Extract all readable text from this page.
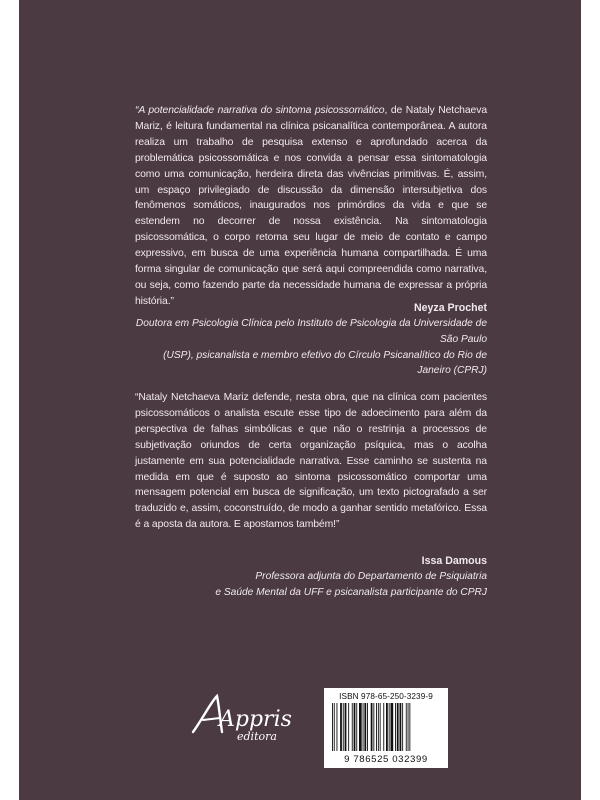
“A potencialidade narrativa do sintoma psicossomático, de Nataly Netchaeva Mariz, é leitura fundamental na clínica psicanalítica contemporânea. A autora realiza um trabalho de pesquisa extenso e aprofundado acerca da problemática psicossomática e nos convida a pensar essa sintomatologia como uma comunicação, herdeira direta das vivências primitivas. É, assim, um espaço privilegiado de discussão da dimensão intersubjetiva dos fenômenos somáticos, inaugurados nos primórdios da vida e que se estendem no decorrer de nossa existência. Na sintomatologia psicossomática, o corpo retoma seu lugar de meio de contato e campo expressivo, em busca de uma experiência humana compartilhada. É uma forma singular de comunicação que será aqui compreendida como narrativa, ou seja, como fazendo parte da necessidade humana de expressar a própria história.”

Neyza Prochet

Doutora em Psicologia Clínica pelo Instituto de Psicologia da Universidade de São Paulo
(USP), psicanalista e membro efetivo do Círculo Psicanalítico do Rio de Janeiro (CPRJ)

“Nataly Netchaeva Mariz defende, nesta obra, que na clínica com pacientes psicossomáticos o analista escute esse tipo de adoecimento para além da perspectiva de falhas simbólicas e que não o restrinja a processos de subjetivação oriundos de certa organização psíquica, mas o acolha justamente em sua potencialidade narrativa. Esse caminho se sustenta na medida em que é suposto ao sintoma psicossomático comportar uma mensagem potencial em busca de significação, um texto pictografado a ser traduzido e, assim, coconstruído, de modo a ganhar sentido metafórico. Essa é a aposta da autora. E apostamos também!”

Issa Damous

Professora adjunta do Departamento de Psiquiatria
e Saúde Mental da UFF e psicanalista participante do CPRJ
Appris
editora
ISBN 978-65-250-3239-9
9 786525 032399
